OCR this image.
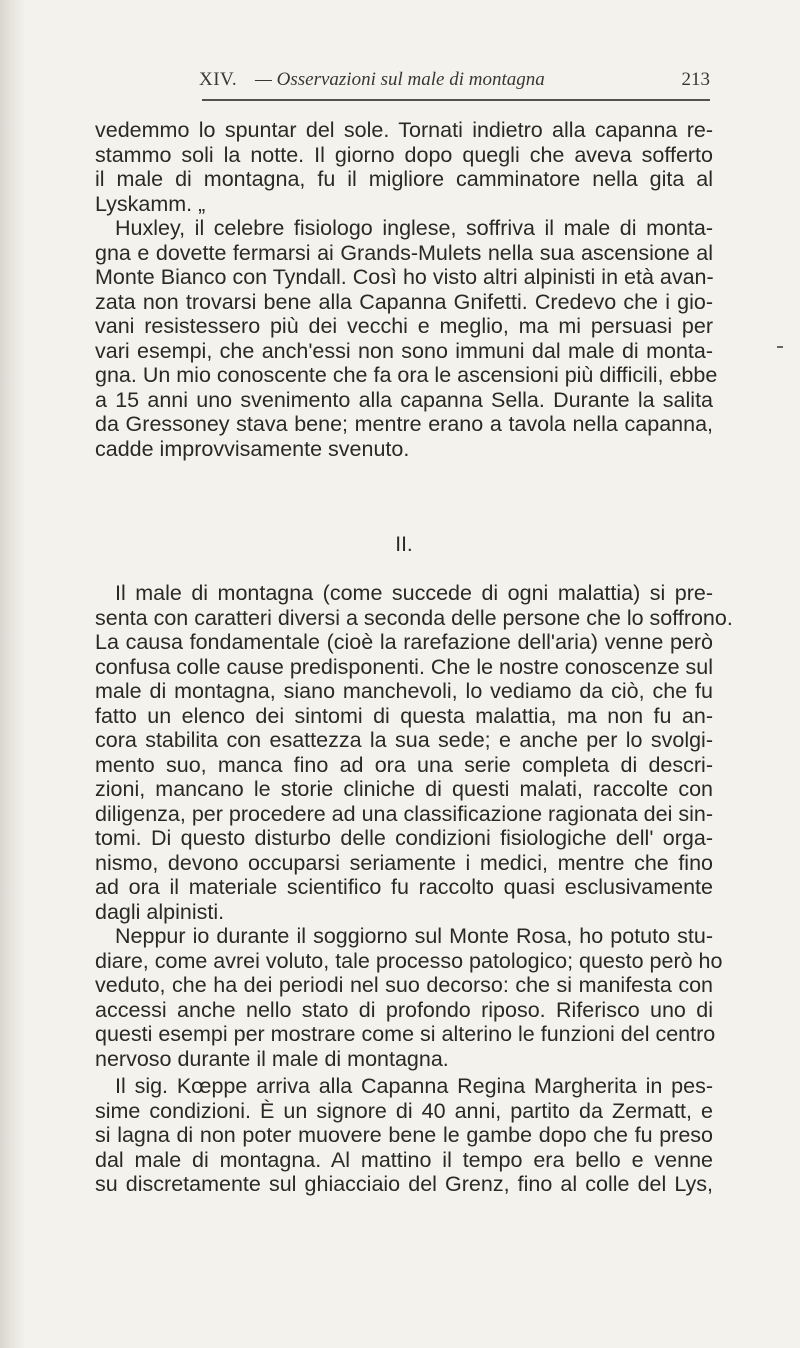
XIV. — Osservazioni sul male di montagna	213
vedemmo lo spuntar del sole. Tornati indietro alla capanna re-
stammo soli la notte. Il giorno dopo quegli che aveva sofferto
il male di montagna, fu il migliore camminatore nella gita al
Lyskamm. „
Huxley, il celebre fisiologo inglese, soffriva il male di monta-
gna e dovette fermarsi ai Grands-Mulets nella sua ascensione al
Monte Bianco con Tyndall. Così ho visto altri alpinisti in età avan-
zata non trovarsi bene alla Capanna Gnifetti. Credevo che i gio-
vani resistessero più dei vecchi e meglio, ma mi persuasi per
vari esempi, che anch'essi non sono immuni dal male di monta-
gna. Un mio conoscente che fa ora le ascensioni più difficili, ebbe
a 15 anni uno svenimento alla capanna Sella. Durante la salita
da Gressoney stava bene; mentre erano a tavola nella capanna,
cadde improvvisamente svenuto.
II.
Il male di montagna (come succede di ogni malattia) si pre-
senta con caratteri diversi a seconda delle persone che lo soffrono.
La causa fondamentale (cioè la rarefazione dell'aria) venne però
confusa colle cause predisponenti. Che le nostre conoscenze sul
male di montagna, siano manchevoli, lo vediamo da ciò, che fu
fatto un elenco dei sintomi di questa malattia, ma non fu an-
cora stabilita con esattezza la sua sede; e anche per lo svolgi-
mento suo, manca fino ad ora una serie completa di descri-
zioni, mancano le storie cliniche di questi malati, raccolte con
diligenza, per procedere ad una classificazione ragionata dei sin-
tomi. Di questo disturbo delle condizioni fisiologiche dell' orga-
nismo, devono occuparsi seriamente i medici, mentre che fino
ad ora il materiale scientifico fu raccolto quasi esclusivamente
dagli alpinisti.
Neppur io durante il soggiorno sul Monte Rosa, ho potuto stu-
diare, come avrei voluto, tale processo patologico; questo però ho
veduto, che ha dei periodi nel suo decorso: che si manifesta con
accessi anche nello stato di profondo riposo. Riferisco uno di
questi esempi per mostrare come si alterino le funzioni del centro
nervoso durante il male di montagna.
Il sig. Kœppe arriva alla Capanna Regina Margherita in pes-
sime condizioni. È un signore di 40 anni, partito da Zermatt, e
si lagna di non poter muovere bene le gambe dopo che fu preso
dal male di montagna. Al mattino il tempo era bello e venne
su discretamente sul ghiacciaio del Grenz, fino al colle del Lys,
